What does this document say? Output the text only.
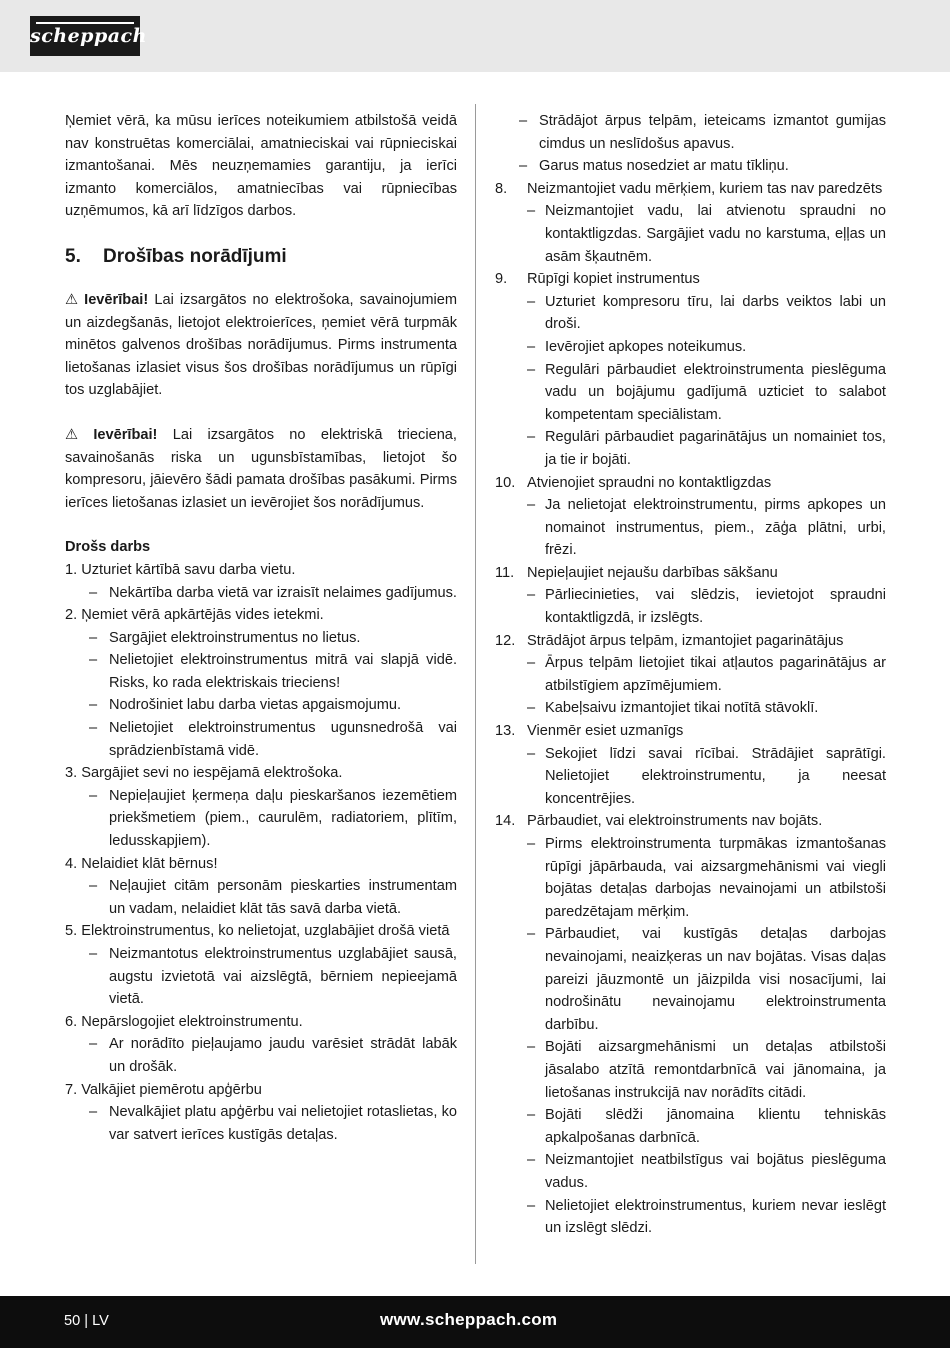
scheppach

Ņemiet vērā, ka mūsu ierīces noteikumiem atbilstošā veidā nav konstruētas komerciālai, amatnieciskai vai rūpnieciskai izmantošanai. Mēs neuzņemamies garantiju, ja ierīci izmanto komerciālos, amatniecības vai rūpniecības uzņēmumos, kā arī līdzīgos darbos.

5.	Drošības norādījumi

⚠ Ievērībai! Lai izsargātos no elektrošoka, savainojumiem un aizdegšanās, lietojot elektroierīces, ņemiet vērā turpmāk minētos galvenos drošības norādījumus. Pirms instrumenta lietošanas izlasiet visus šos drošības norādījumus un rūpīgi tos uzglabājiet.

⚠ Ievērībai! Lai izsargātos no elektriskā trieciena, savainošanās riska un ugunsbīstamības, lietojot šo kompresoru, jāievēro šādi pamata drošības pasākumi. Pirms ierīces lietošanas izlasiet un ievērojiet šos norādījumus.

Drošs darbs
1. Uzturiet kārtībā savu darba vietu.
– Nekārtība darba vietā var izraisīt nelaimes gadījumus.
2. Ņemiet vērā apkārtējās vides ietekmi.
– Sargājiet elektroinstrumentus no lietus.
– Nelietojiet elektroinstrumentus mitrā vai slapjā vidē. Risks, ko rada elektriskais trieciens!
– Nodrošiniet labu darba vietas apgaismojumu.
– Nelietojiet elektroinstrumentus ugunsnedrošā vai sprādzienbīstamā vidē.
3. Sargājiet sevi no iespējamā elektrošoka.
– Nepieļaujiet ķermeņa daļu pieskaršanos iezemētiem priekšmetiem (piem., caurulēm, radiatoriem, plītīm, ledusskapjiem).
4. Nelaidiet klāt bērnus!
– Neļaujiet citām personām pieskarties instrumentam un vadam, nelaidiet klāt tās savā darba vietā.
5. Elektroinstrumentus, ko nelietojat, uzglabājiet drošā vietā
– Neizmantotus elektroinstrumentus uzglabājiet sausā, augstu izvietotā vai aizslēgtā, bērniem nepieejamā vietā.
6. Nepārslogojiet elektroinstrumentu.
– Ar norādīto pieļaujamo jaudu varēsiet strādāt labāk un drošāk.
7. Valkājiet piemērotu apģērbu
– Nevalkājiet platu apģērbu vai nelietojiet rotaslietas, ko var satvert ierīces kustīgās detaļas.
– Strādājot ārpus telpām, ieteicams izmantot gumijas cimdus un neslīdošus apavus.
– Garus matus nosedziet ar matu tīkliņu.
8. Neizmantojiet vadu mērķiem, kuriem tas nav paredzēts
– Neizmantojiet vadu, lai atvienotu spraudni no kontaktligzdas. Sargājiet vadu no karstuma, eļļas un asām šķautnēm.
9. Rūpīgi kopiet instrumentus
– Uzturiet kompresoru tīru, lai darbs veiktos labi un droši.
– Ievērojiet apkopes noteikumus.
– Regulāri pārbaudiet elektroinstrumenta pieslēguma vadu un bojājumu gadījumā uzticiet to salabot kompetentam speciālistam.
– Regulāri pārbaudiet pagarinātājus un nomainiet tos, ja tie ir bojāti.
10. Atvienojiet spraudni no kontaktligzdas
– Ja nelietojat elektroinstrumentu, pirms apkopes un nomainot instrumentus, piem., zāģa plātni, urbi, frēzi.
11. Nepieļaujiet nejaušu darbības sākšanu
– Pārliecinieties, vai slēdzis, ievietojot spraudni kontaktligzdā, ir izslēgts.
12. Strādājot ārpus telpām, izmantojiet pagarinātājus
– Ārpus telpām lietojiet tikai atļautos pagarinātājus ar atbilstīgiem apzīmējumiem.
– Kabeļsaivu izmantojiet tikai notītā stāvoklī.
13. Vienmēr esiet uzmanīgs
– Sekojiet līdzi savai rīcībai. Strādājiet saprātīgi. Nelietojiet elektroinstrumentu, ja neesat koncentrējies.
14. Pārbaudiet, vai elektroinstruments nav bojāts.
– Pirms elektroinstrumenta turpmākas izmantošanas rūpīgi jāpārbauda, vai aizsargmehānismi vai viegli bojātas detaļas darbojas nevainojami un atbilstoši paredzētajam mērķim.
– Pārbaudiet, vai kustīgās detaļas darbojas nevainojami, neaizķeras un nav bojātas. Visas daļas pareizi jāuzmontē un jāizpilda visi nosacījumi, lai nodrošinātu nevainojamu elektroinstrumenta darbību.
– Bojāti aizsargmehānismi un detaļas atbilstoši jāsalabo atzītā remontdarbnīcā vai jānomaina, ja lietošanas instrukcijā nav norādīts citādi.
– Bojāti slēdži jānomaina klientu tehniskās apkalpošanas darbnīcā.
– Neizmantojiet neatbilstīgus vai bojātus pieslēguma vadus.
– Nelietojiet elektroinstrumentus, kuriem nevar ieslēgt un izslēgt slēdzi.
50 | LV	www.scheppach.com
